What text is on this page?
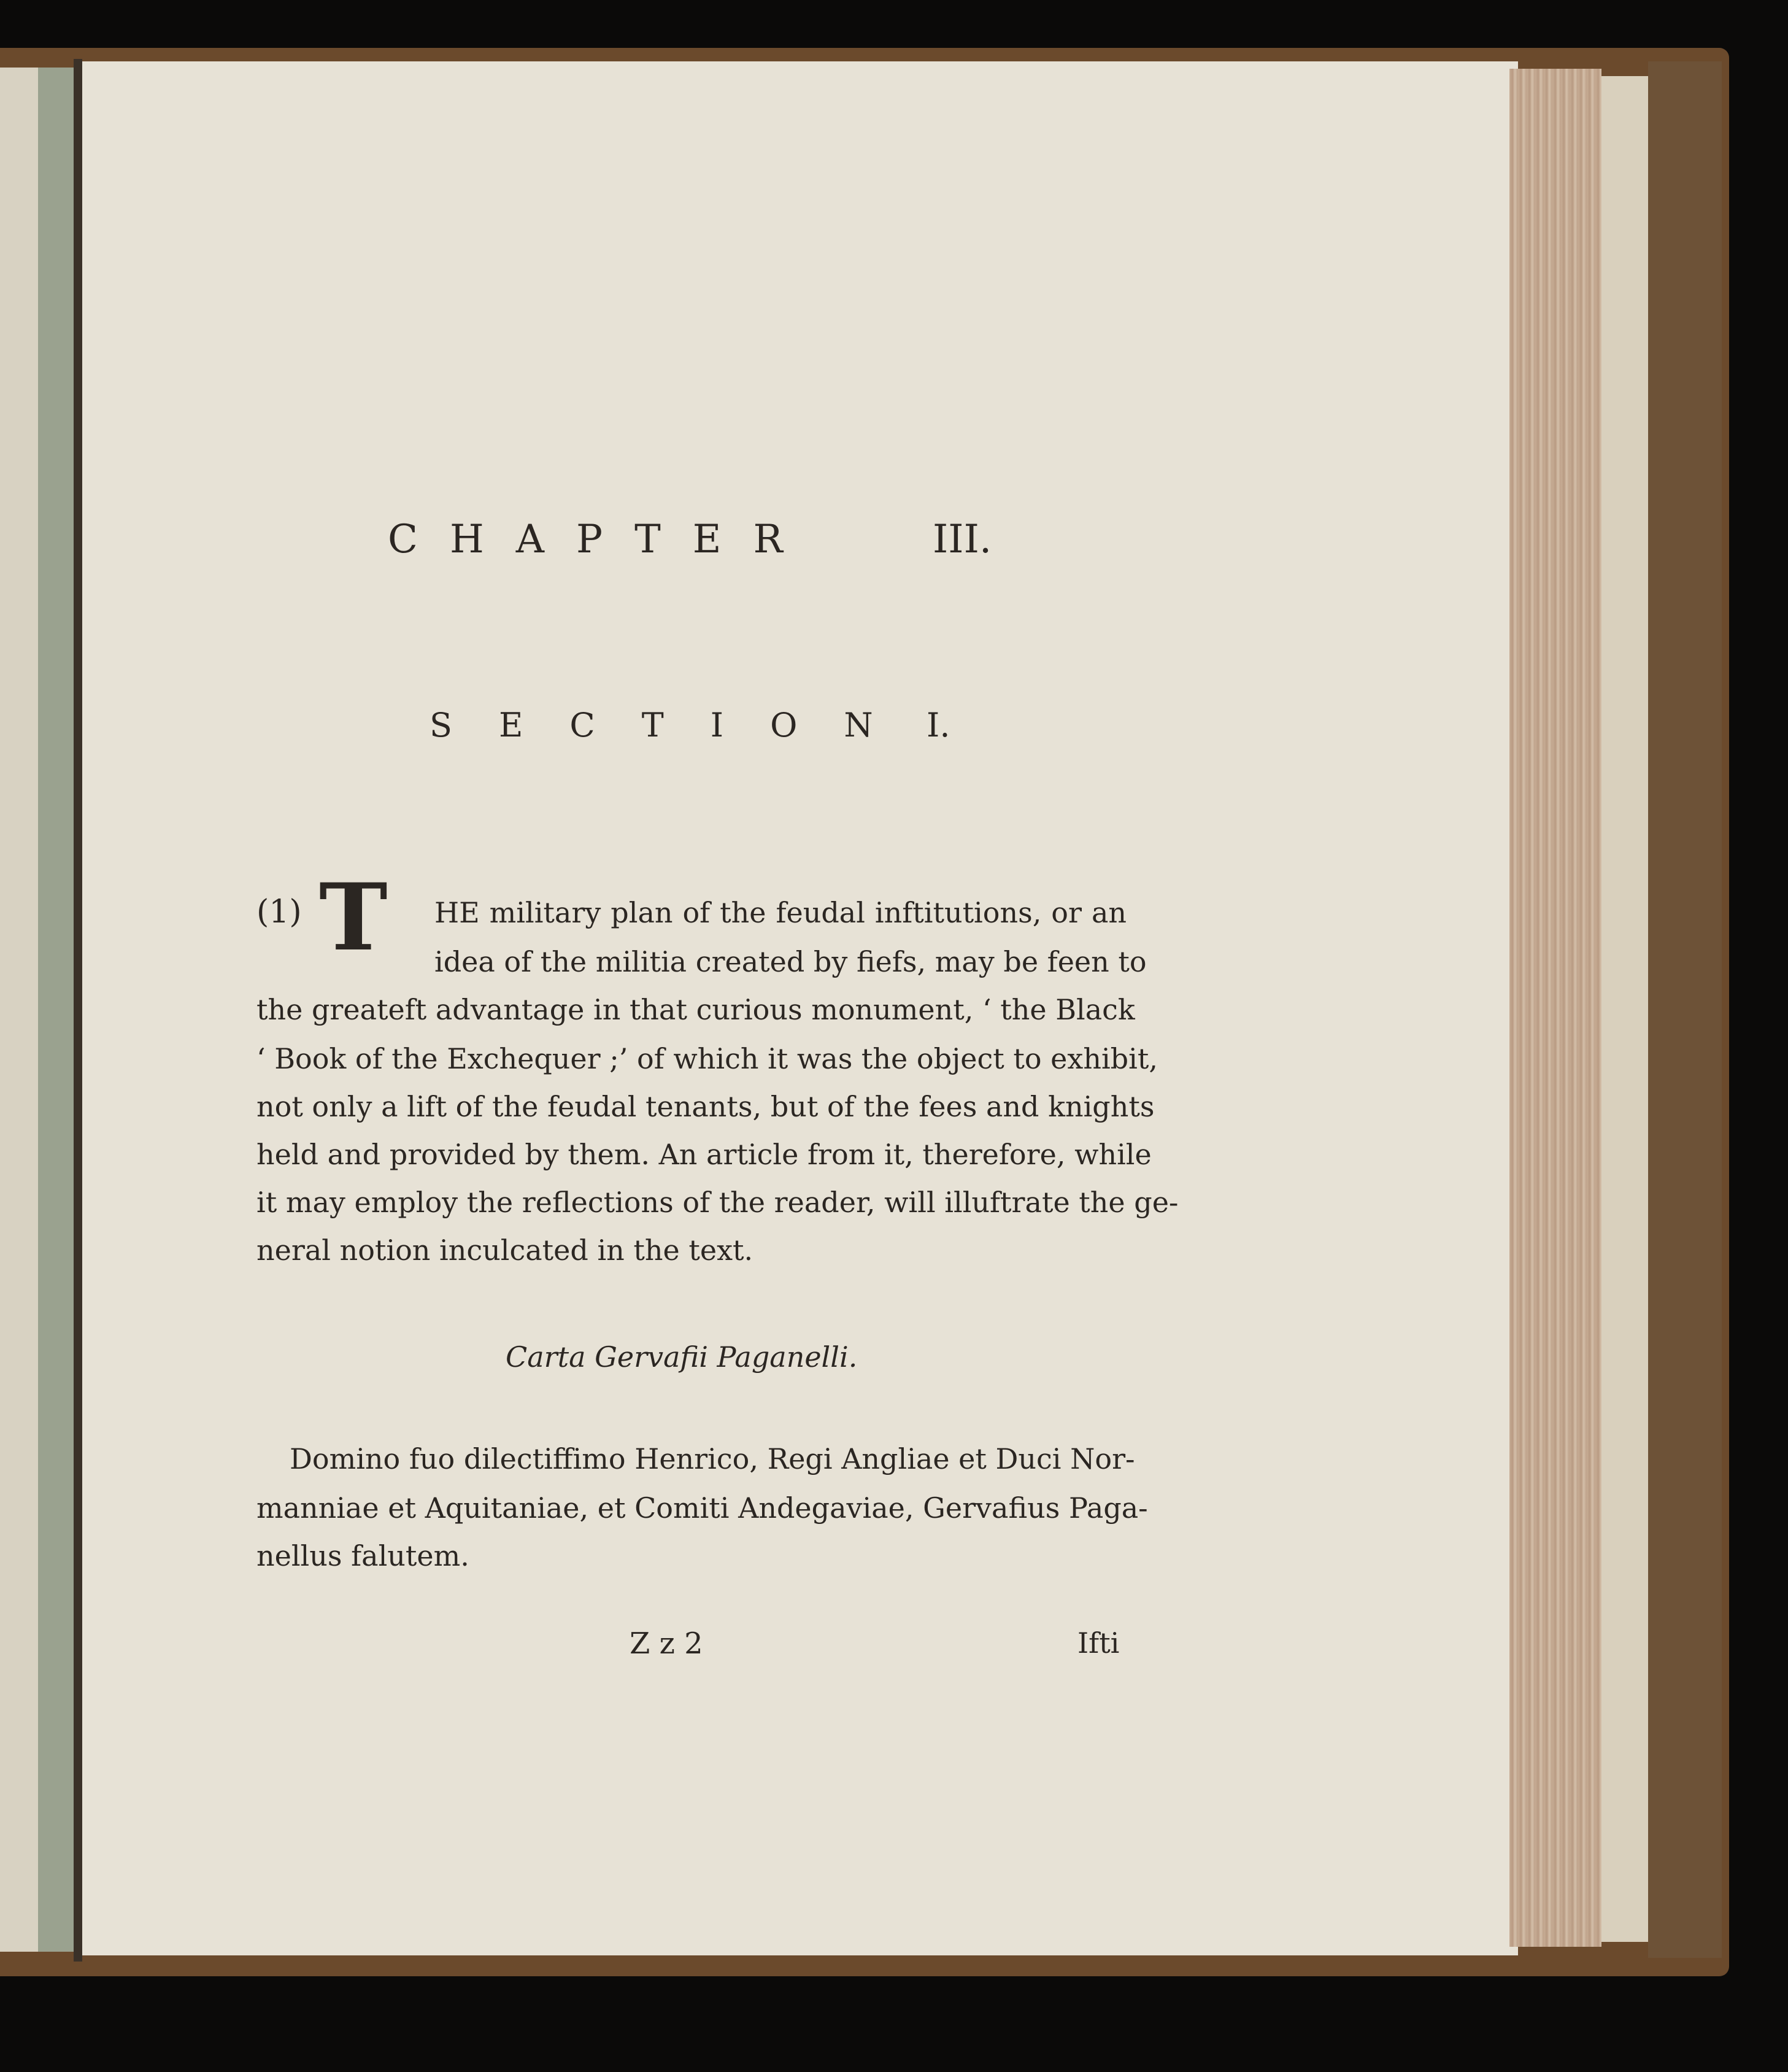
CHAPTER	III.
SECTION I.
(1) T HE military plan of the feudal inftitutions, or an
idea of the militia created by fiefs, may be feen to
the greateft advantage in that curious monument, ‘ the Black
‘ Book of the Exchequer ;’ of which it was the object to exhibit,
not only a lift of the feudal tenants, but of the fees and knights
held and provided by them. An article from it, therefore, while
it may employ the reflections of the reader, will illuftrate the ge-
neral notion inculcated in the text.
Carta Gervafii Paganelli.
Domino fuo dilectiffimo Henrico, Regi Angliae et Duci Nor-
manniae et Aquitaniae, et Comiti Andegaviae, Gervafius Paga-
nellus falutem.
Z z 2	Ifti
